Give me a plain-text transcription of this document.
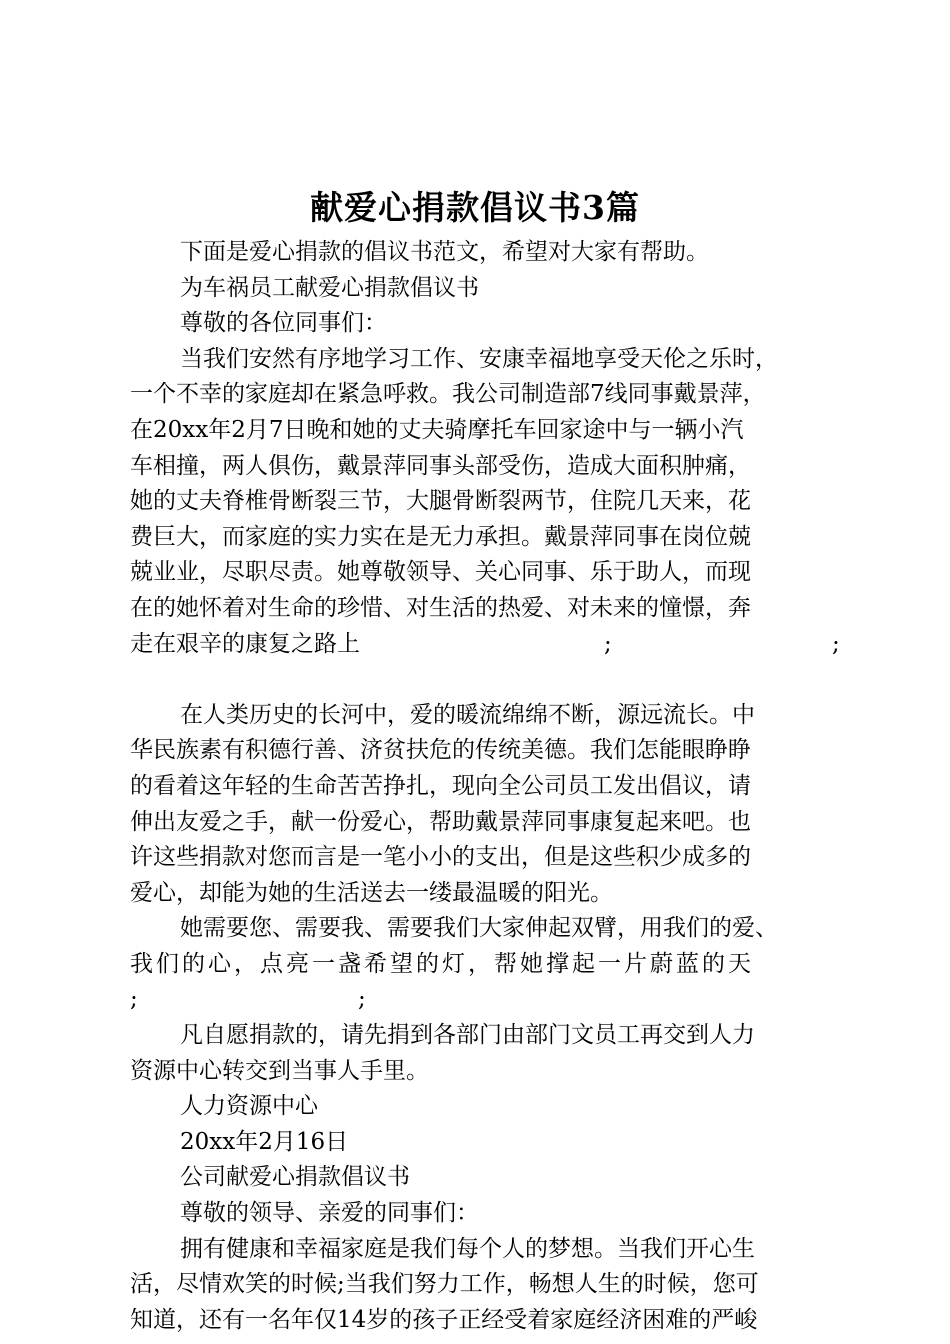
献爱心捐款倡议书3篇
下面是爱心捐款的倡议书范文，希望对大家有帮助。
为车祸员工献爱心捐款倡议书
尊敬的各位同事们：
当我们安然有序地学习工作、安康幸福地享受天伦之乐时，
一个不幸的家庭却在紧急呼救。我公司制造部7线同事戴景萍，
在20xx年2月7日晚和她的丈夫骑摩托车回家途中与一辆小汽
车相撞，两人俱伤，戴景萍同事头部受伤，造成大面积肿痛，
她的丈夫脊椎骨断裂三节，大腿骨断裂两节，住院几天来，花
费巨大，而家庭的实力实在是无力承担。戴景萍同事在岗位兢
兢业业，尽职尽责。她尊敬领导、关心同事、乐于助人，而现
在的她怀着对生命的珍惜、对生活的热爱、对未来的憧憬，奔
走在艰辛的康复之路上	;	;
在人类历史的长河中，爱的暖流绵绵不断，源远流长。中
华民族素有积德行善、济贫扶危的传统美德。我们怎能眼睁睁
的看着这年轻的生命苦苦挣扎，现向全公司员工发出倡议，请
伸出友爱之手，献一份爱心，帮助戴景萍同事康复起来吧。也
许这些捐款对您而言是一笔小小的支出，但是这些积少成多的
爱心，却能为她的生活送去一缕最温暖的阳光。
她需要您、需要我、需要我们大家伸起双臂，用我们的爱、
我们的心，点亮一盏希望的灯，帮她撑起一片蔚蓝的天
;	;
凡自愿捐款的，请先捐到各部门由部门文员工再交到人力
资源中心转交到当事人手里。
人力资源中心
20xx年2月16日
公司献爱心捐款倡议书
尊敬的领导、亲爱的同事们：
拥有健康和幸福家庭是我们每个人的梦想。当我们开心生
活，尽情欢笑的时候;当我们努力工作，畅想人生的时候，您可
知道，还有一名年仅14岁的孩子正经受着家庭经济困难的严峻
